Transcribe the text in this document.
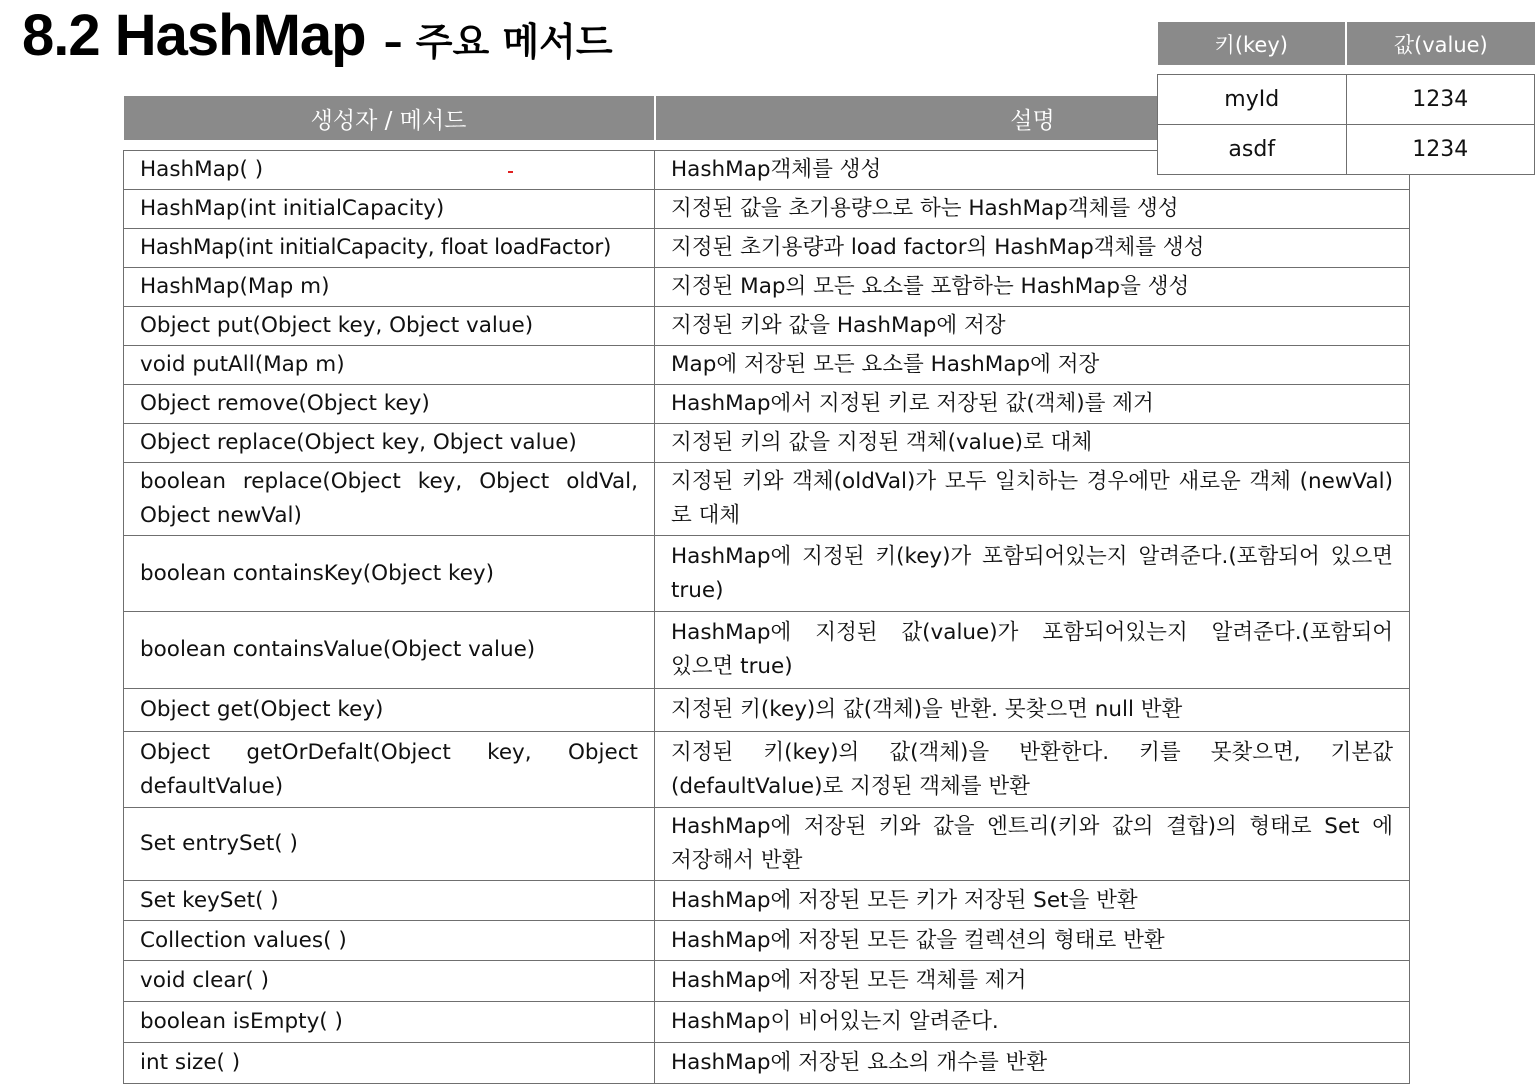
8.2 HashMap – 주요 메서드
생성자 / 메서드	설명

HashMap( )	HashMap객체를 생성
HashMap(int initialCapacity)	지정된 값을 초기용량으로 하는 HashMap객체를 생성
HashMap(int initialCapacity, float loadFactor)	지정된 초기용량과 load factor의 HashMap객체를 생성
HashMap(Map m)	지정된 Map의 모든 요소를 포함하는 HashMap을 생성
Object put(Object key, Object value)	지정된 키와 값을 HashMap에 저장
void putAll(Map m)	Map에 저장된 모든 요소를 HashMap에 저장
Object remove(Object key)	HashMap에서 지정된 키로 저장된 값(객체)를 제거
Object replace(Object key, Object value)	지정된 키의 값을 지정된 객체(value)로 대체
boolean replace(Object key, Object oldVal, Object newVal)	지정된 키와 객체(oldVal)가 모두 일치하는 경우에만 새로운 객체 (newVal)로 대체
boolean containsKey(Object key)	HashMap에 지정된 키(key)가 포함되어있는지 알려준다.(포함되어 있으면 true)
boolean containsValue(Object value)	HashMap에 지정된 값(value)가 포함되어있는지 알려준다.(포함되어 있으면 true)
Object get(Object key)	지정된 키(key)의 값(객체)을 반환. 못찾으면 null 반환
Object getOrDefalt(Object key, Object defaultValue)	지정된 키(key)의 값(객체)을 반환한다. 키를 못찾으면, 기본값 (defaultValue)로 지정된 객체를 반환
Set entrySet( )	HashMap에 저장된 키와 값을 엔트리(키와 값의 결합)의 형태로 Set 에 저장해서 반환
Set keySet( )	HashMap에 저장된 모든 키가 저장된 Set을 반환
Collection values( )	HashMap에 저장된 모든 값을 컬렉션의 형태로 반환
void clear( )	HashMap에 저장된 모든 객체를 제거
boolean isEmpty( )	HashMap이 비어있는지 알려준다.
int size( )	HashMap에 저장된 요소의 개수를 반환
키(key)	값(value)

myId	1234
asdf	1234
